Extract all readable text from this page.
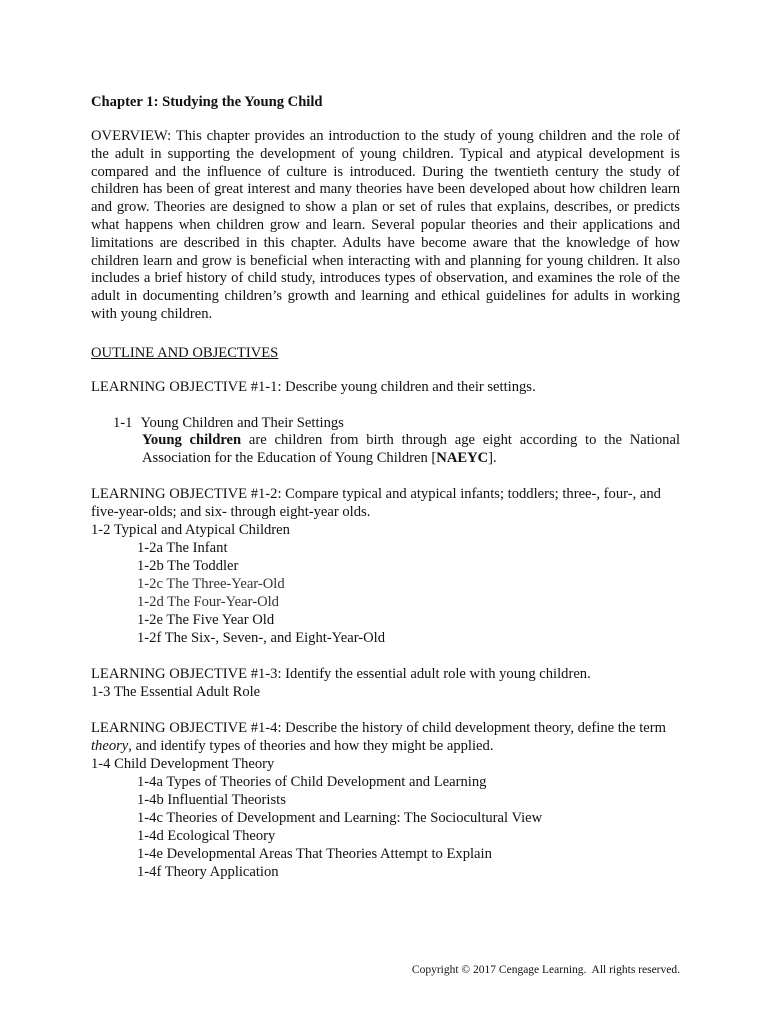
Chapter 1: Studying the Young Child

OVERVIEW: This chapter provides an introduction to the study of young children and the role of the adult in supporting the development of young children. Typical and atypical development is compared and the influence of culture is introduced. During the twentieth century the study of children has been of great interest and many theories have been developed about how children learn and grow. Theories are designed to show a plan or set of rules that explains, describes, or predicts what happens when children grow and learn. Several popular theories and their applications and limitations are described in this chapter. Adults have become aware that the knowledge of how children learn and grow is beneficial when interacting with and planning for young children. It also includes a brief history of child study, introduces types of observation, and examines the role of the adult in documenting children’s growth and learning and ethical guidelines for adults in working with young children.

OUTLINE AND OBJECTIVES
LEARNING OBJECTIVE #1-1: Describe young children and their settings.
1-1 Young Children and Their Settings

Young children are children from birth through age eight according to the National Association for the Education of Young Children [NAEYC].

LEARNING OBJECTIVE #1-2: Compare typical and atypical infants; toddlers; three-, four-, and five-year-olds; and six- through eight-year olds.

1-2 Typical and Atypical Children
1-2a The Infant
1-2b The Toddler
1-2c The Three-Year-Old
1-2d The Four-Year-Old
1-2e The Five Year Old
1-2f The Six-, Seven-, and Eight-Year-Old
LEARNING OBJECTIVE #1-3: Identify the essential adult role with young children.
1-3 The Essential Adult Role

LEARNING OBJECTIVE #1-4: Describe the history of child development theory, define the term theory, and identify types of theories and how they might be applied.

1-4 Child Development Theory
1-4a Types of Theories of Child Development and Learning
1-4b Influential Theorists
1-4c Theories of Development and Learning: The Sociocultural View
1-4d Ecological Theory
1-4e Developmental Areas That Theories Attempt to Explain
1-4f Theory Application
Copyright © 2017 Cengage Learning.  All rights reserved.
